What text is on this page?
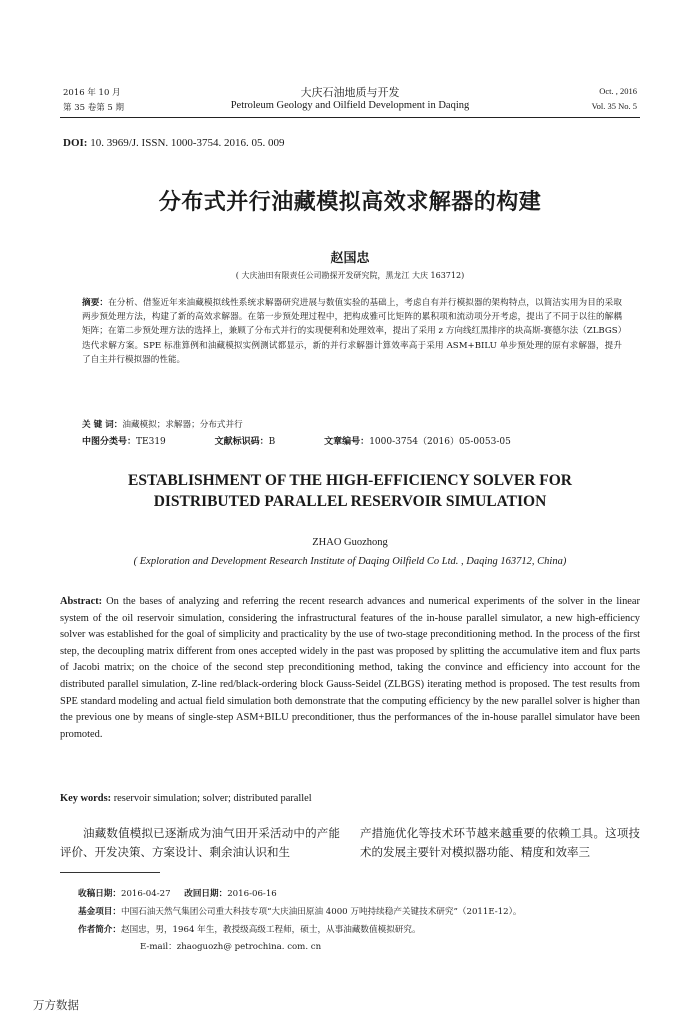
2016 年 10 月
第 35 卷第 5 期
大庆石油地质与开发
Petroleum Geology and Oilfield Development in Daqing
Oct. , 2016
Vol. 35 No. 5
DOI: 10. 3969/J. ISSN. 1000-3754. 2016. 05. 009
分布式并行油藏模拟高效求解器的构建
赵国忠
( 大庆油田有限责任公司勘探开发研究院，黑龙江 大庆 163712)
摘要：在分析、借鉴近年来油藏模拟线性系统求解器研究进展与数值实验的基础上，考虑自有并行模拟器的架构特点，以简洁实用为目的采取两步预处理方法，构建了新的高效求解器。在第一步预处理过程中，把构成雅可比矩阵的累积项和流动项分开考虑，提出了不同于以往的解耦矩阵；在第二步预处理方法的选择上，兼顾了分布式并行的实现便利和处理效率，提出了采用 z 方向线红黑排序的块高斯-赛德尔法（ZLBGS）迭代求解方案。SPE 标准算例和油藏模拟实例测试都显示，新的并行求解器计算效率高于采用 ASM+BILU 单步预处理的原有求解器，提升了自主并行模拟器的性能。
关 键 词：油藏模拟；求解器；分布式并行
中图分类号：TE319	文献标识码：B	文章编号：1000-3754（2016）05-0053-05
ESTABLISHMENT OF THE HIGH-EFFICIENCY SOLVER FOR
DISTRIBUTED PARALLEL RESERVOIR SIMULATION
ZHAO Guozhong
( Exploration and Development Research Institute of Daqing Oilfield Co Ltd. , Daqing 163712, China)
Abstract: On the bases of analyzing and referring the recent research advances and numerical experiments of the solver in the linear system of the oil reservoir simulation, considering the infrastructural features of the in-house parallel simulator, a new high-efficiency solver was established for the goal of simplicity and practicality by the use of two-stage preconditioning method. In the process of the first step, the decoupling matrix different from ones accepted widely in the past was proposed by splitting the accumulative item and flux parts of Jacobi matrix; on the choice of the second step preconditioning method, taking the convince and efficiency into account for the distributed parallel simulation, Z-line red/black-ordering block Gauss-Seidel (ZLBGS) iterating method is proposed. The test results from SPE standard modeling and actual field simulation both demonstrate that the computing efficiency by the new parallel solver is higher than the previous one by means of single-step ASM+BILU preconditioner, thus the performances of the in-house parallel simulator have been promoted.
Key words: reservoir simulation; solver; distributed parallel
油藏数值模拟已逐渐成为油气田开采活动中的产能评价、开发决策、方案设计、剩余油认识和生
产措施优化等技术环节越来越重要的依赖工具。这项技术的发展主要针对模拟器功能、精度和效率三
收稿日期：2016-04-27 改回日期：2016-06-16
基金项目：中国石油天然气集团公司重大科技专项“大庆油田原油 4000 万吨持续稳产关键技术研究”（2011E-12）。
作者简介：赵国忠，男，1964 年生，教授级高级工程师，硕士，从事油藏数值模拟研究。
E-mail：zhaoguozh@ petrochina. com. cn
万方数据
